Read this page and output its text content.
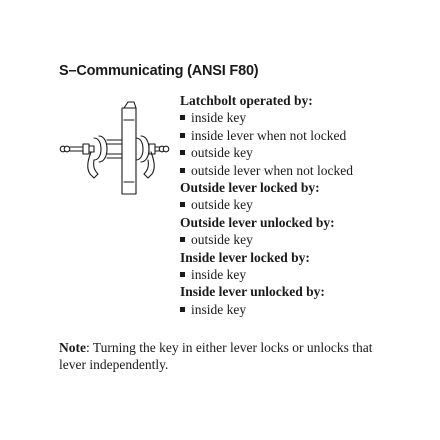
S–Communicating (ANSI F80)
Latchbolt operated by:
inside key
inside lever when not locked
outside key
outside lever when not locked
Outside lever locked by:
outside key
Outside lever unlocked by:
outside key
Inside lever locked by:
inside key
Inside lever unlocked by:
inside key
Note: Turning the key in either lever locks or unlocks that lever independently.
